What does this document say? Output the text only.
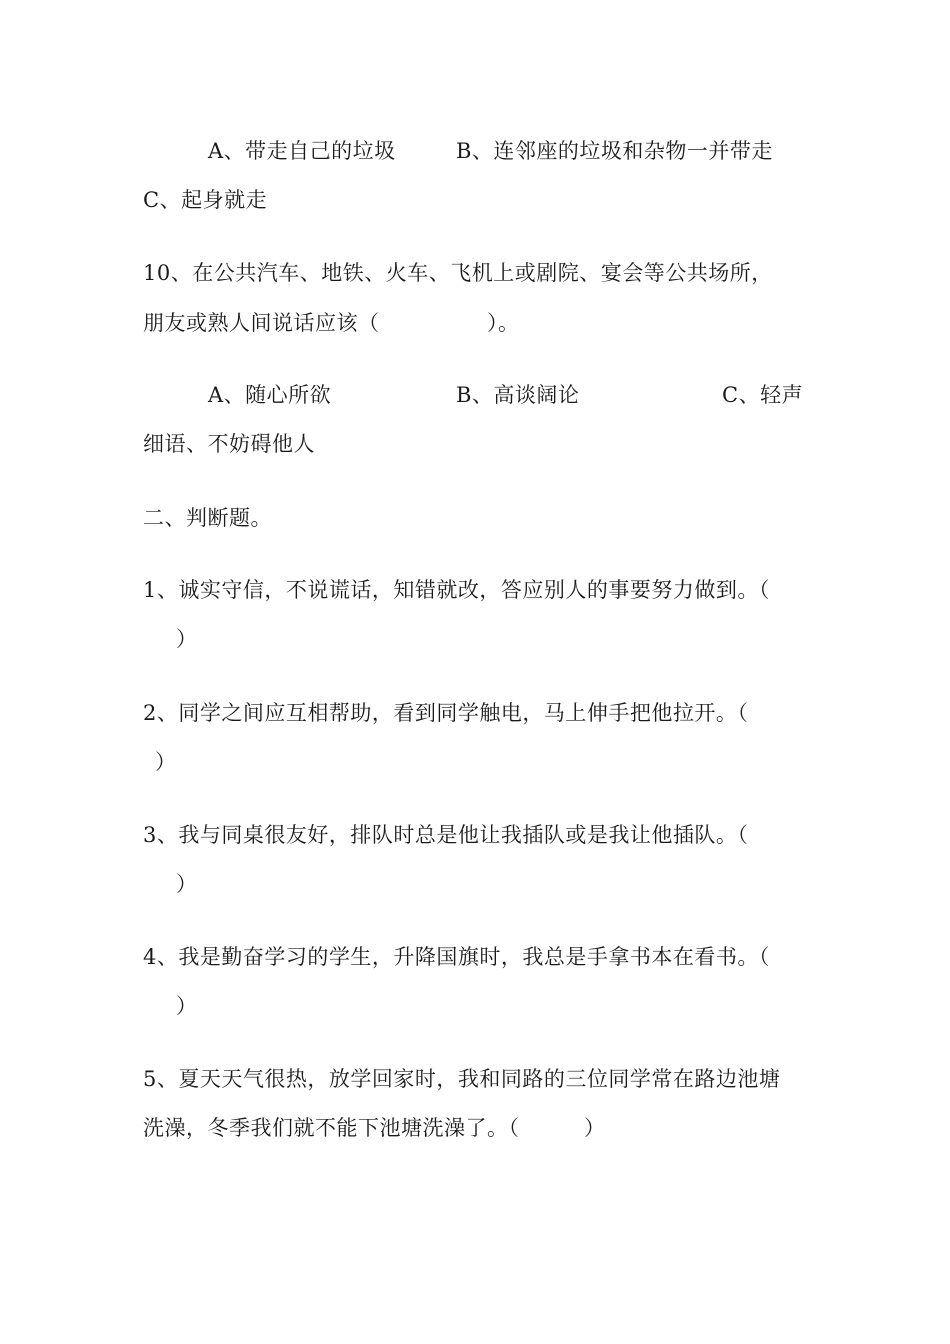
A、带走自己的垃圾	B、连邻座的垃圾和杂物一并带走
C、起身就走
10、在公共汽车、地铁、火车、飞机上或剧院、宴会等公共场所，
朋友或熟人间说话应该（　　　　　）。
A、随心所欲	B、高谈阔论	C、轻声
细语、不妨碍他人
二、判断题。
1、诚实守信，不说谎话，知错就改，答应别人的事要努力做到。（
）
2、同学之间应互相帮助，看到同学触电，马上伸手把他拉开。（
）
3、我与同桌很友好，排队时总是他让我插队或是我让他插队。（
）
4、我是勤奋学习的学生，升降国旗时，我总是手拿书本在看书。（
）
5、夏天天气很热，放学回家时，我和同路的三位同学常在路边池塘
洗澡，冬季我们就不能下池塘洗澡了。（　　　）
